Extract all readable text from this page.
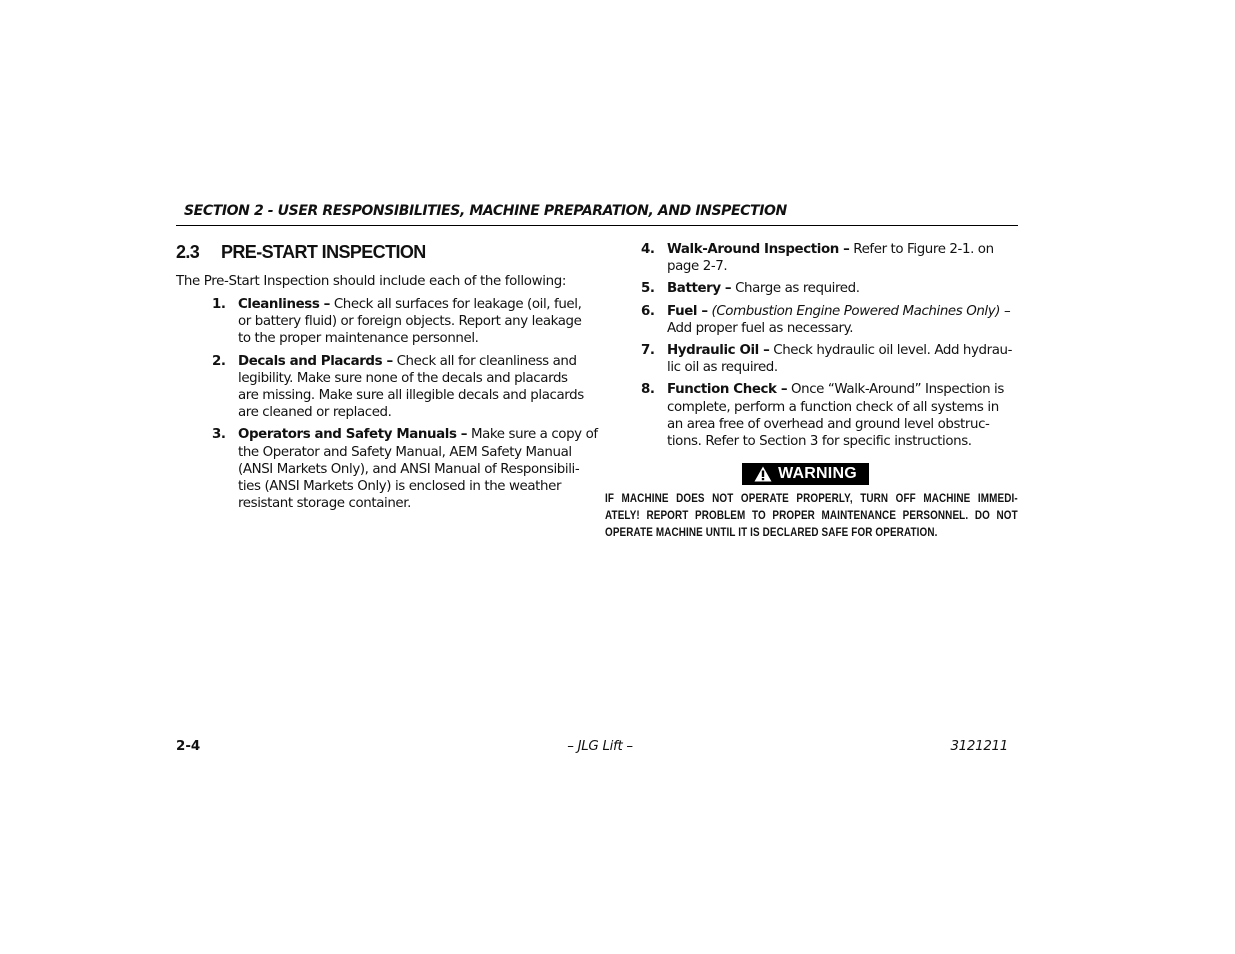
SECTION 2 - USER RESPONSIBILITIES, MACHINE PREPARATION, AND INSPECTION
2.3 PRE-START INSPECTION
The Pre-Start Inspection should include each of the following:
1. Cleanliness – Check all surfaces for leakage (oil, fuel,
or battery fluid) or foreign objects. Report any leakage
to the proper maintenance personnel.
2. Decals and Placards – Check all for cleanliness and
legibility. Make sure none of the decals and placards
are missing. Make sure all illegible decals and placards
are cleaned or replaced.
3. Operators and Safety Manuals – Make sure a copy of
the Operator and Safety Manual, AEM Safety Manual
(ANSI Markets Only), and ANSI Manual of Responsibili-
ties (ANSI Markets Only) is enclosed in the weather
resistant storage container.
4. Walk-Around Inspection – Refer to Figure 2-1. on
page 2-7.
5. Battery – Charge as required.
6. Fuel – (Combustion Engine Powered Machines Only) –
Add proper fuel as necessary.
7. Hydraulic Oil – Check hydraulic oil level. Add hydrau-
lic oil as required.
8. Function Check – Once “Walk-Around” Inspection is
complete, perform a function check of all systems in
an area free of overhead and ground level obstruc-
tions. Refer to Section 3 for specific instructions.
WARNING
IF MACHINE DOES NOT OPERATE PROPERLY, TURN OFF MACHINE IMMEDI-
ATELY! REPORT PROBLEM TO PROPER MAINTENANCE PERSONNEL. DO NOT
OPERATE MACHINE UNTIL IT IS DECLARED SAFE FOR OPERATION.
2-4	– JLG Lift –	3121211
